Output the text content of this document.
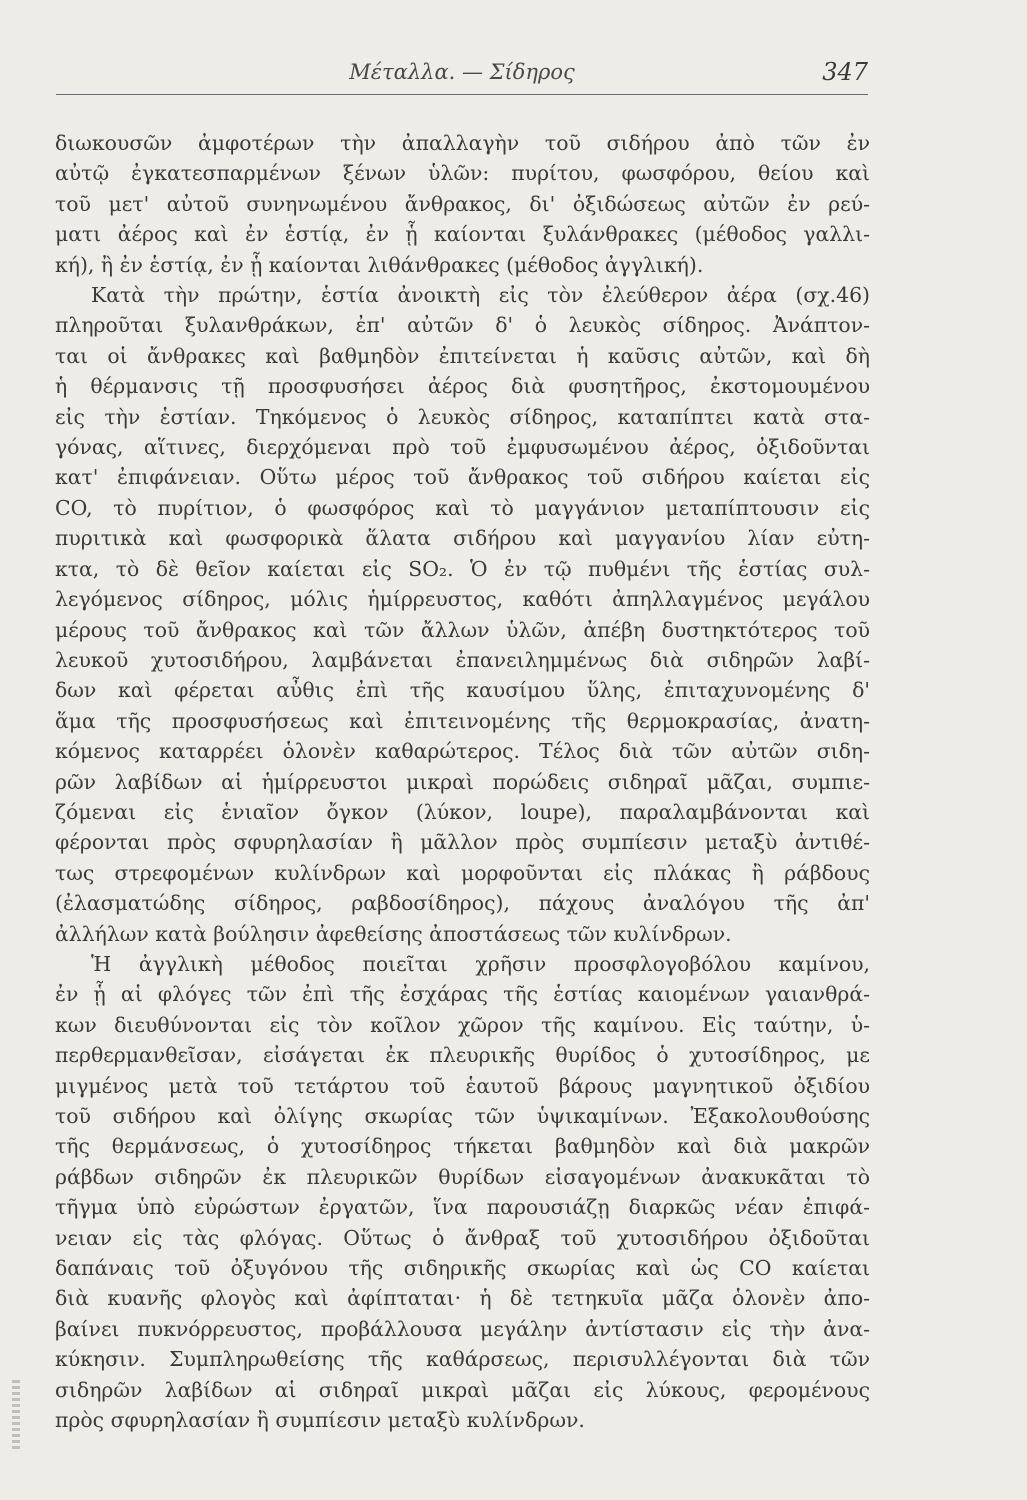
Μέταλλα. — Σίδηρος	347
διωκουσῶν ἀμφοτέρων τὴν ἀπαλλαγὴν τοῦ σιδήρου ἀπὸ τῶν ἐν
αὐτῷ ἐγκατεσπαρμένων ξένων ὑλῶν: πυρίτου, φωσφόρου, θείου καὶ
τοῦ μετ' αὐτοῦ συνηνωμένου ἄνθρακος, δι' ὀξιδώσεως αὐτῶν ἐν ρεύ-
ματι ἀέρος καὶ ἐν ἑστίᾳ, ἐν ᾗ καίονται ξυλάνθρακες (μέθοδος γαλλι-
κή), ἢ ἐν ἑστίᾳ, ἐν ᾗ καίονται λιθάνθρακες (μέθοδος ἀγγλική).
Κατὰ τὴν πρώτην, ἑστία ἀνοικτὴ εἰς τὸν ἐλεύθερον ἀέρα (σχ.46)
πληροῦται ξυλανθράκων, ἐπ' αὐτῶν δ' ὁ λευκὸς σίδηρος. Ἀνάπτον-
ται οἱ ἄνθρακες καὶ βαθμηδὸν ἐπιτείνεται ἡ καῦσις αὐτῶν, καὶ δὴ
ἡ θέρμανσις τῇ προσφυσήσει ἀέρος διὰ φυσητῆρος, ἐκστομουμένου
εἰς τὴν ἑστίαν. Τηκόμενος ὁ λευκὸς σίδηρος, καταπίπτει κατὰ στα-
γόνας, αἵτινες, διερχόμεναι πρὸ τοῦ ἐμφυσωμένου ἀέρος, ὀξιδοῦνται
κατ' ἐπιφάνειαν. Οὕτω μέρος τοῦ ἄνθρακος τοῦ σιδήρου καίεται εἰς
CO, τὸ πυρίτιον, ὁ φωσφόρος καὶ τὸ μαγγάνιον μεταπίπτουσιν εἰς
πυριτικὰ καὶ φωσφορικὰ ἅλατα σιδήρου καὶ μαγγανίου λίαν εὐτη-
κτα, τὸ δὲ θεῖον καίεται εἰς SO₂. Ὁ ἐν τῷ πυθμένι τῆς ἑστίας συλ-
λεγόμενος σίδηρος, μόλις ἡμίρρευστος, καθότι ἀπηλλαγμένος μεγάλου
μέρους τοῦ ἄνθρακος καὶ τῶν ἄλλων ὑλῶν, ἀπέβη δυστηκτότερος τοῦ
λευκοῦ χυτοσιδήρου, λαμβάνεται ἐπανειλημμένως διὰ σιδηρῶν λαβί-
δων καὶ φέρεται αὖθις ἐπὶ τῆς καυσίμου ὕλης, ἐπιταχυνομένης δ'
ἅμα τῆς προσφυσήσεως καὶ ἐπιτεινομένης τῆς θερμοκρασίας, ἀνατη-
κόμενος καταρρέει ὁλονὲν καθαρώτερος. Τέλος διὰ τῶν αὐτῶν σιδη-
ρῶν λαβίδων αἱ ἡμίρρευστοι μικραὶ πορώδεις σιδηραῖ μᾶζαι, συμπιε-
ζόμεναι εἰς ἑνιαῖον ὄγκον (λύκον, loupe), παραλαμβάνονται καὶ
φέρονται πρὸς σφυρηλασίαν ἢ μᾶλλον πρὸς συμπίεσιν μεταξὺ ἀντιθέ-
τως στρεφομένων κυλίνδρων καὶ μορφοῦνται εἰς πλάκας ἢ ράβδους
(ἐλασματώδης σίδηρος, ραβδοσίδηρος), πάχους ἀναλόγου τῆς ἀπ'
ἀλλήλων κατὰ βούλησιν ἀφεθείσης ἀποστάσεως τῶν κυλίνδρων.
Ἡ ἀγγλικὴ μέθοδος ποιεῖται χρῆσιν προσφλογοβόλου καμίνου,
ἐν ᾗ αἱ φλόγες τῶν ἐπὶ τῆς ἐσχάρας τῆς ἑστίας καιομένων γαιανθρά-
κων διευθύνονται εἰς τὸν κοῖλον χῶρον τῆς καμίνου. Εἰς ταύτην, ὑ-
περθερμανθεῖσαν, εἰσάγεται ἐκ πλευρικῆς θυρίδος ὁ χυτοσίδηρος, με
μιγμένος μετὰ τοῦ τετάρτου τοῦ ἑαυτοῦ βάρους μαγνητικοῦ ὀξιδίου
τοῦ σιδήρου καὶ ὀλίγης σκωρίας τῶν ὑψικαμίνων. Ἐξακολουθούσης
τῆς θερμάνσεως, ὁ χυτοσίδηρος τήκεται βαθμηδὸν καὶ διὰ μακρῶν
ράβδων σιδηρῶν ἐκ πλευρικῶν θυρίδων εἰσαγομένων ἀνακυκᾶται τὸ
τῆγμα ὑπὸ εὐρώστων ἐργατῶν, ἵνα παρουσιάζῃ διαρκῶς νέαν ἐπιφά-
νειαν εἰς τὰς φλόγας. Οὕτως ὁ ἄνθραξ τοῦ χυτοσιδήρου ὀξιδοῦται
δαπάναις τοῦ ὀξυγόνου τῆς σιδηρικῆς σκωρίας καὶ ὡς CO καίεται
διὰ κυανῆς φλογὸς καὶ ἀφίπταται· ἡ δὲ τετηκυῖα μᾶζα ὁλονὲν ἀπο-
βαίνει πυκνόρρευστος, προβάλλουσα μεγάλην ἀντίστασιν εἰς τὴν ἀνα-
κύκησιν. Συμπληρωθείσης τῆς καθάρσεως, περισυλλέγονται διὰ τῶν
σιδηρῶν λαβίδων αἱ σιδηραῖ μικραὶ μᾶζαι εἰς λύκους, φερομένους
πρὸς σφυρηλασίαν ἢ συμπίεσιν μεταξὺ κυλίνδρων.
